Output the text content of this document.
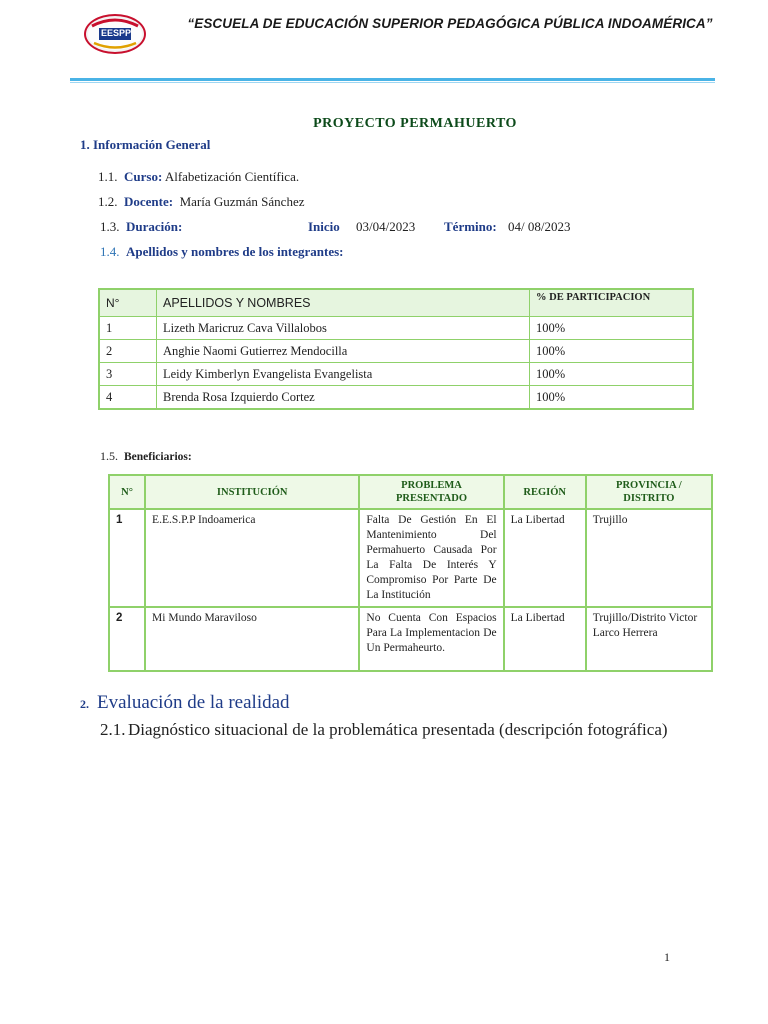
EESPP
“ESCUELA DE EDUCACIÓN SUPERIOR PEDAGÓGICA PÚBLICA INDOAMÉRICA”
PROYECTO PERMAHUERTO
1. Información General
1.1. Curso: Alfabetización Científica.
1.2. Docente: María Guzmán Sánchez
1.3. Duración:	Inicio 03/04/2023 Término: 04/ 08/2023
1.4. Apellidos y nombres de los integrantes:
N°	APELLIDOS Y NOMBRES	% DE PARTICIPACION
1	Lizeth Maricruz Cava Villalobos	100%
2	Anghie Naomi Gutierrez Mendocilla	100%
3	Leidy Kimberlyn Evangelista Evangelista	100%
4	Brenda Rosa Izquierdo Cortez	100%
1.5. Beneficiarios:
N°	INSTITUCIÓN	PROBLEMA PRESENTADO	REGIÓN	PROVINCIA / DISTRITO
1	E.E.S.P.P Indoamerica	Falta De Gestión En El Mantenimiento Del Permahuerto Causada Por La Falta De Interés Y Compromiso Por Parte De La Institución	La Libertad	Trujillo
2	Mi Mundo Maraviloso	No Cuenta Con Espacios Para La Implementacion De Un Permaheurto.	La Libertad	Trujillo/Distrito Victor Larco Herrera
2. Evaluación de la realidad
2.1. Diagnóstico situacional de la problemática presentada (descripción fotográfica)
1
